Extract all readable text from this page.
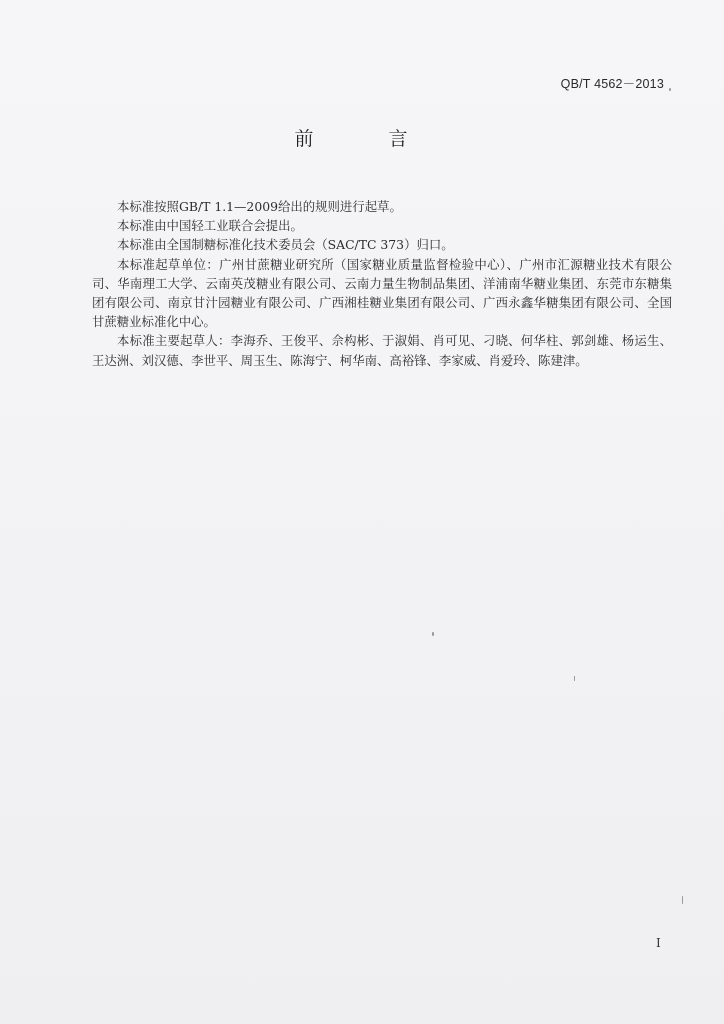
QB/T 4562－2013
前　言

本标准按照GB/T 1.1—2009给出的规则进行起草。

本标准由中国轻工业联合会提出。

本标准由全国制糖标准化技术委员会（SAC/TC 373）归口。

本标准起草单位：广州甘蔗糖业研究所（国家糖业质量监督检验中心）、广州市汇源糖业技术有限公司、华南理工大学、云南英茂糖业有限公司、云南力量生物制品集团、洋浦南华糖业集团、东莞市东糖集团有限公司、南京甘汁园糖业有限公司、广西湘桂糖业集团有限公司、广西永鑫华糖集团有限公司、全国甘蔗糖业标准化中心。

本标准主要起草人：李海乔、王俊平、佘构彬、于淑娟、肖可见、刁晓、何华柱、郭剑雄、杨运生、王达洲、刘汉德、李世平、周玉生、陈海宁、柯华南、高裕锋、李家威、肖爱玲、陈建津。

I
